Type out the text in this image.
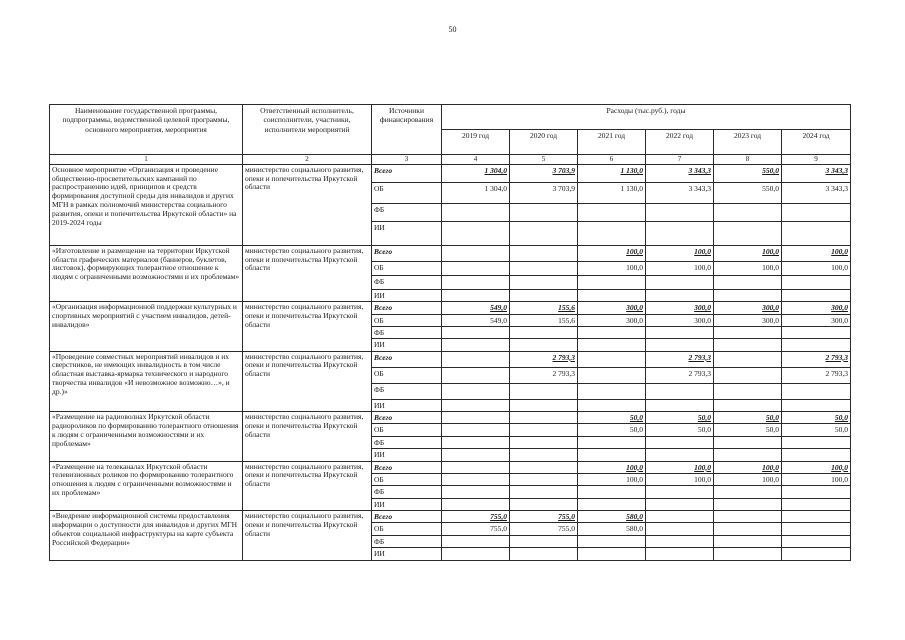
50
Наименование государственной программы, подпрограммы, ведомственной целевой программы, основного мероприятия, мероприятия	Ответственный исполнитель, соисполнители, участники, исполнители мероприятий	Источники финансирования	Расходы (тыс.руб.), годы					
			2019 год	2020 год	2021 год	2022 год	2023 год	2024 год
1	2	3	4	5	6	7	8	9
Основное мероприятие «Организация и проведение общественно-просветительских кампаний по распространению идей, принципов и средств формирования доступной среды для инвалидов и других МГН в рамках полномочий министерства социального развития, опеки и попечительства Иркутской области» на 2019-2024 годы	министерство социального развития, опеки и попечительства Иркутской области	Всего	1 304,0	3 703,9	1 130,0	3 343,3	550,0	3 343,3
		ОБ	1 304,0	3 703,9	1 130,0	3 343,3	550,0	3 343,3
		ФБ						
		ИИ						
«Изготовление и размещение на территории Иркутской области графических материалов (баннеров, буклетов, листовок), формирующих толерантное отношение к людям с ограниченными возможностями и их проблемам»	министерство социального развития, опеки и попечительства Иркутской области	Всего			100,0	100,0	100,0	100,0
		ОБ			100,0	100,0	100,0	100,0
		ФБ						
		ИИ						
«Организация информационной поддержки культурных и спортивных мероприятий с участием инвалидов, детей-инвалидов»	министерство социального развития, опеки и попечительства Иркутской области	Всего	549,0	155,6	300,0	300,0	300,0	300,0
		ОБ	549,0	155,6	300,0	300,0	300,0	300,0
		ФБ						
		ИИ						
«Проведение совместных мероприятий инвалидов и их сверстников, не имеющих инвалидность в том числе областная выставка-ярмарка технического и народного творчества инвалидов «И невозможное возможно…», и др.)»	министерство социального развития, опеки и попечительства Иркутской области	Всего		2 793,3		2 793,3		2 793,3
		ОБ		2 793,3		2 793,3		2 793,3
		ФБ						
		ИИ						
«Размещение на радиоволнах Иркутской области радиороликов по формированию толерантного отношения к людям с ограниченными возможностями и их проблемам»	министерство социального развития, опеки и попечительства Иркутской области	Всего			50,0	50,0	50,0	50,0
		ОБ			50,0	50,0	50,0	50,0
		ФБ						
		ИИ						
«Размещение на телеканалах Иркутской области телевизионных роликов по формированию толерантного отношения к людям с ограниченными возможностями и их проблемам»	министерство социального развития, опеки и попечительства Иркутской области	Всего			100,0	100,0	100,0	100,0
		ОБ			100,0	100,0	100,0	100,0
		ФБ						
		ИИ						
«Внедрение информационной системы предоставления информации о доступности для инвалидов и других МГН объектов социальной инфраструктуры на карте субъекта Российской Федерации»	министерство социального развития, опеки и попечительства Иркутской области	Всего	755,0	755,0	580,0			
		ОБ	755,0	755,0	580,0			
		ФБ						
		ИИ						
